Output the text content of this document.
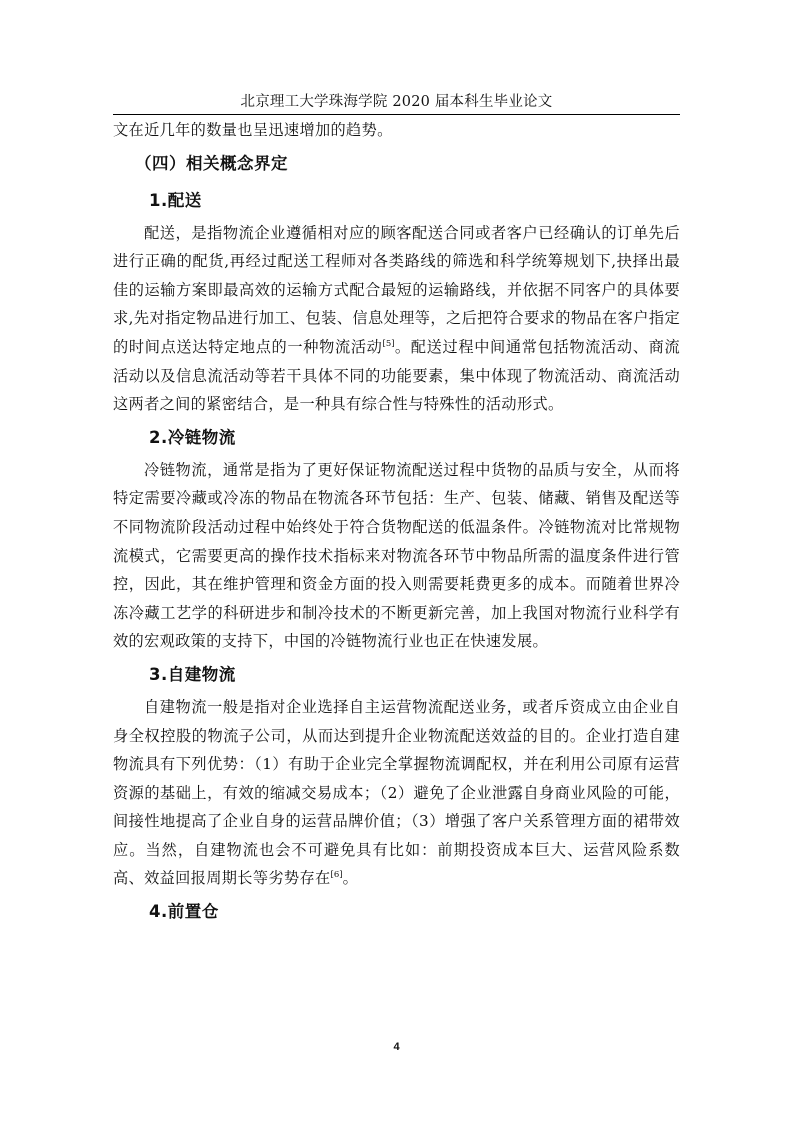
北京理工大学珠海学院 2020 届本科生毕业论文

文在近几年的数量也呈迅速增加的趋势。

（四）相关概念界定
1.配送

配送，是指物流企业遵循相对应的顾客配送合同或者客户已经确认的订单先后进行正确的配货,再经过配送工程师对各类路线的筛选和科学统筹规划下,抉择出最佳的运输方案即最高效的运输方式配合最短的运输路线，并依据不同客户的具体要求,先对指定物品进行加工、包装、信息处理等，之后把符合要求的物品在客户指定的时间点送达特定地点的一种物流活动[5]。配送过程中间通常包括物流活动、商流活动以及信息流活动等若干具体不同的功能要素，集中体现了物流活动、商流活动这两者之间的紧密结合，是一种具有综合性与特殊性的活动形式。

2.冷链物流

冷链物流，通常是指为了更好保证物流配送过程中货物的品质与安全，从而将特定需要冷藏或冷冻的物品在物流各环节包括：生产、包装、储藏、销售及配送等不同物流阶段活动过程中始终处于符合货物配送的低温条件。冷链物流对比常规物流模式，它需要更高的操作技术指标来对物流各环节中物品所需的温度条件进行管控，因此，其在维护管理和资金方面的投入则需要耗费更多的成本。而随着世界冷冻冷藏工艺学的科研进步和制冷技术的不断更新完善，加上我国对物流行业科学有效的宏观政策的支持下，中国的冷链物流行业也正在快速发展。

3.自建物流

自建物流一般是指对企业选择自主运营物流配送业务，或者斥资成立由企业自身全权控股的物流子公司，从而达到提升企业物流配送效益的目的。企业打造自建物流具有下列优势：（1）有助于企业完全掌握物流调配权，并在利用公司原有运营资源的基础上，有效的缩减交易成本；（2）避免了企业泄露自身商业风险的可能，间接性地提高了企业自身的运营品牌价值；（3）增强了客户关系管理方面的裙带效应。当然，自建物流也会不可避免具有比如：前期投资成本巨大、运营风险系数高、效益回报周期长等劣势存在[6]。

4.前置仓
4
